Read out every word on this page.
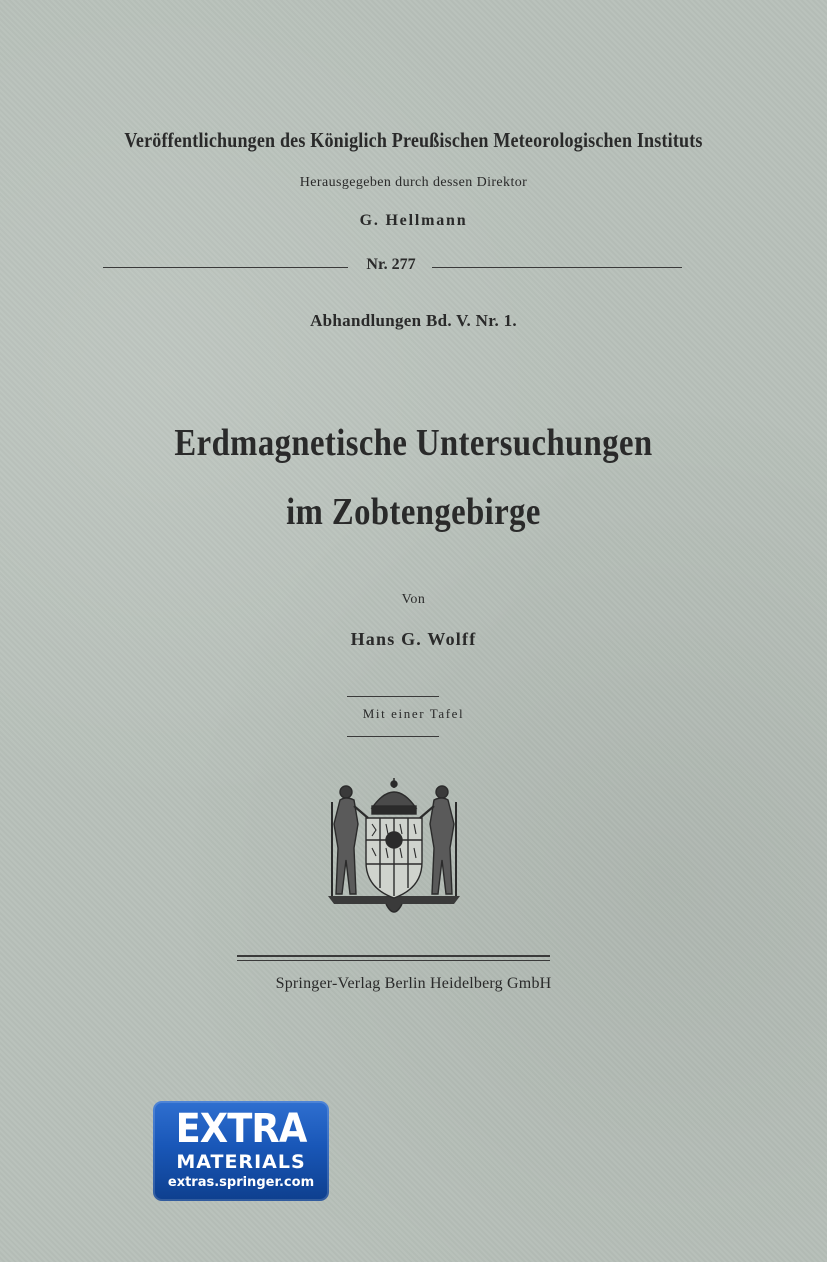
Veröffentlichungen des Königlich Preußischen Meteorologischen Instituts
Herausgegeben durch dessen Direktor
G. Hellmann
Nr. 277
Abhandlungen Bd. V. Nr. 1.
Erdmagnetische Untersuchungen
im Zobtengebirge
Von
Hans G. Wolff
Mit einer Tafel
Springer-Verlag Berlin Heidelberg GmbH
EXTRA
MATERIALS
extras.springer.com
